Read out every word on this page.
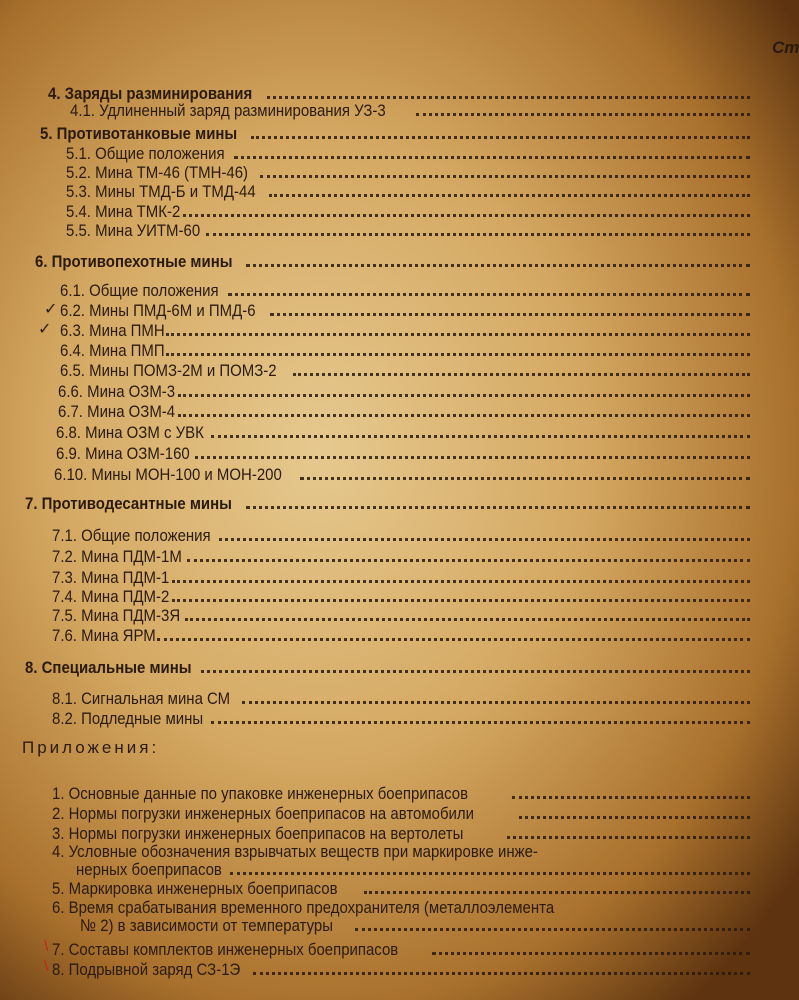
Ст
4. Заряды разминирования
4.1. Удлиненный заряд разминирования УЗ-3
5. Противотанковые мины
5.1. Общие положения
5.2. Мина ТМ-46 (ТМН-46)
5.3. Мины ТМД-Б и ТМД-44
5.4. Мина ТМК-2
5.5. Мина УИТМ-60
6. Противопехотные мины
6.1. Общие положения
✓ 6.2. Мины ПМД-6М и ПМД-6
✓ 6.3. Мина ПМН
6.4. Мина ПМП
6.5. Мины ПОМЗ-2М и ПОМЗ-2
6.6. Мина ОЗМ-3
6.7. Мина ОЗМ-4
6.8. Мина ОЗМ с УВК
6.9. Мина ОЗМ-160
6.10. Мины МОН-100 и МОН-200
7. Противодесантные мины
7.1. Общие положения
7.2. Мина ПДМ-1М
7.3. Мина ПДМ-1
7.4. Мина ПДМ-2
7.5. Мина ПДМ-3Я
7.6. Мина ЯРМ
8. Специальные мины
8.1. Сигнальная мина СМ
8.2. Подледные мины
Приложения:
1. Основные данные по упаковке инженерных боеприпасов
2. Нормы погрузки инженерных боеприпасов на автомобили
3. Нормы погрузки инженерных боеприпасов на вертолеты
4. Условные обозначения взрывчатых веществ при маркировке инже-
нерных боеприпасов
5. Маркировка инженерных боеприпасов
6. Время срабатывания временного предохранителя (металлоэлемента
№ 2) в зависимости от температуры
\ 7. Составы комплектов инженерных боеприпасов
\ 8. Подрывной заряд СЗ-1Э
